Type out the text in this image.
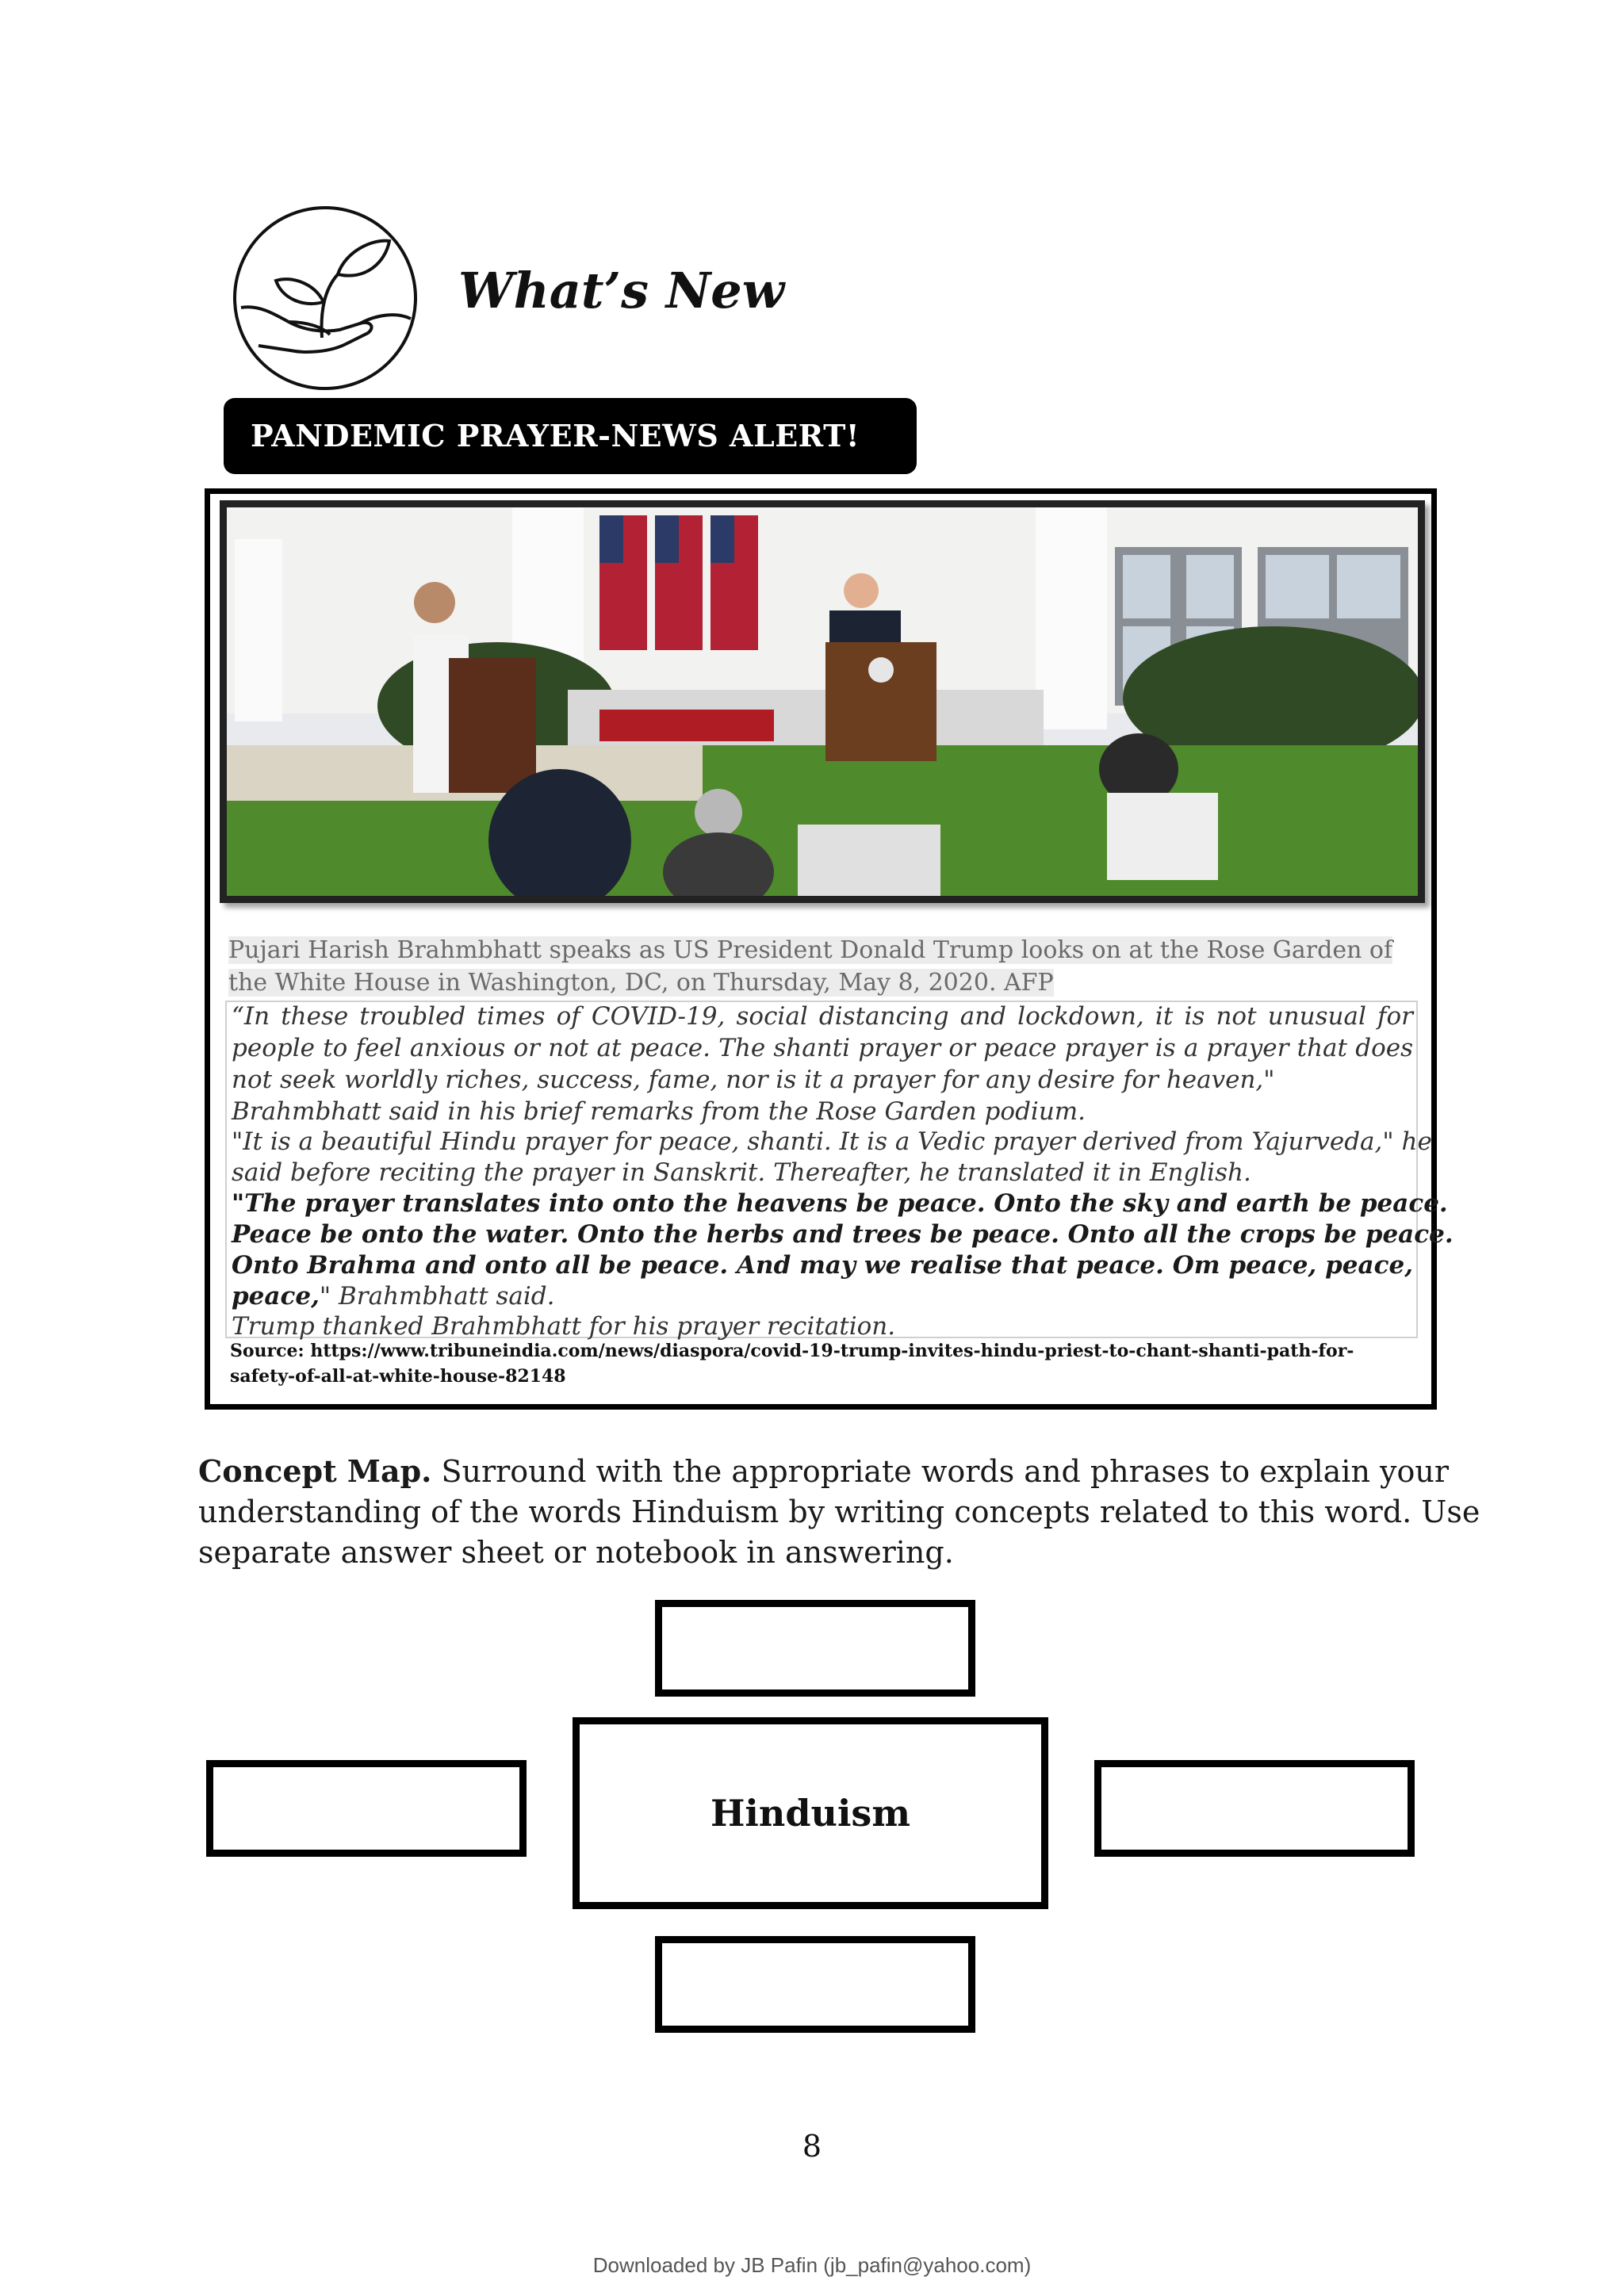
What’s New
PANDEMIC PRAYER-NEWS ALERT!
Pujari Harish Brahmbhatt speaks as US President Donald Trump looks on at the Rose Garden of
the White House in Washington, DC, on Thursday, May 8, 2020. AFP
“In these troubled times of COVID-19, social distancing and lockdown, it is not unusual for
people to feel anxious or not at peace. The shanti prayer or peace prayer is a prayer that does
not seek worldly riches, success, fame, nor is it a prayer for any desire for heaven,"
Brahmbhatt said in his brief remarks from the Rose Garden podium.
"It is a beautiful Hindu prayer for peace, shanti. It is a Vedic prayer derived from Yajurveda," he
said before reciting the prayer in Sanskrit. Thereafter, he translated it in English.
"The prayer translates into onto the heavens be peace. Onto the sky and earth be peace.
Peace be onto the water. Onto the herbs and trees be peace. Onto all the crops be peace.
Onto Brahma and onto all be peace. And may we realise that peace. Om peace, peace,
peace," Brahmbhatt said.
Trump thanked Brahmbhatt for his prayer recitation.
Source: https://www.tribuneindia.com/news/diaspora/covid-19-trump-invites-hindu-priest-to-chant-shanti-path-for-
safety-of-all-at-white-house-82148
Concept Map. Surround with the appropriate words and phrases to explain your
understanding of the words Hinduism by writing concepts related to this word. Use
separate answer sheet or notebook in answering.
Hinduism
8
Downloaded by JB Pafin (jb_pafin@yahoo.com)
